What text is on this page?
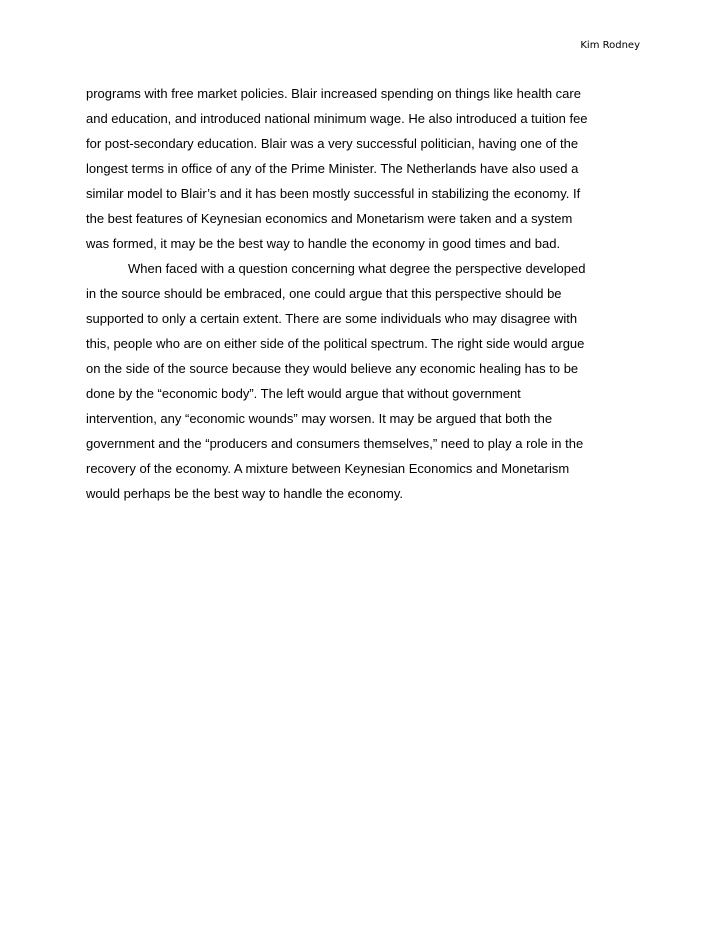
Kim Rodney
programs with free market policies. Blair increased spending on things like health care
and education, and introduced national minimum wage. He also introduced a tuition fee
for post-secondary education. Blair was a very successful politician, having one of the
longest terms in office of any of the Prime Minister. The Netherlands have also used a
similar model to Blair’s and it has been mostly successful in stabilizing the economy. If
the best features of Keynesian economics and Monetarism were taken and a system
was formed, it may be the best way to handle the economy in good times and bad.
When faced with a question concerning what degree the perspective developed
in the source should be embraced, one could argue that this perspective should be
supported to only a certain extent. There are some individuals who may disagree with
this, people who are on either side of the political spectrum. The right side would argue
on the side of the source because they would believe any economic healing has to be
done by the “economic body”. The left would argue that without government
intervention, any “economic wounds” may worsen. It may be argued that both the
government and the “producers and consumers themselves,” need to play a role in the
recovery of the economy. A mixture between Keynesian Economics and Monetarism
would perhaps be the best way to handle the economy.
